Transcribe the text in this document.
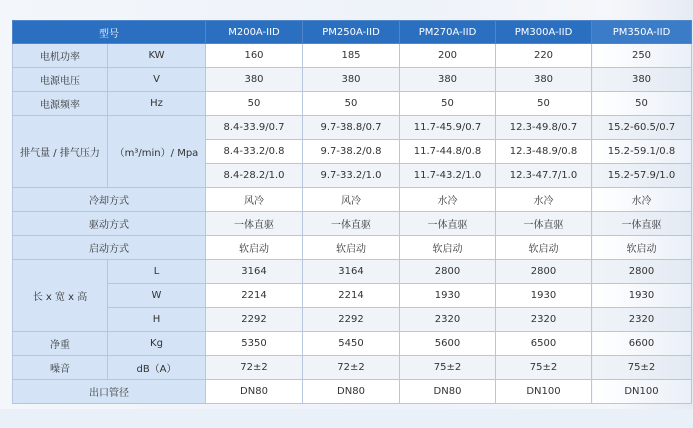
型号		M200A-IID	PM250A-IID	PM270A-IID	PM300A-IID	PM350A-IID
电机功率	KW	160	185	200	220	250
电源电压	V	380	380	380	380	380
电源频率	Hz	50	50	50	50	50
排气量 / 排气压力	（m³/min）/ Mpa	8.4-33.9/0.7	9.7-38.8/0.7	11.7-45.9/0.7	12.3-49.8/0.7	15.2-60.5/0.7
		8.4-33.2/0.8	9.7-38.2/0.8	11.7-44.8/0.8	12.3-48.9/0.8	15.2-59.1/0.8
		8.4-28.2/1.0	9.7-33.2/1.0	11.7-43.2/1.0	12.3-47.7/1.0	15.2-57.9/1.0
冷却方式		风冷	风冷	水冷	水冷	水冷
驱动方式		一体直驱	一体直驱	一体直驱	一体直驱	一体直驱
启动方式		软启动	软启动	软启动	软启动	软启动
长 x 宽 x 高	L	3164	3164	2800	2800	2800
	W	2214	2214	1930	1930	1930
	H	2292	2292	2320	2320	2320
净重	Kg	5350	5450	5600	6500	6600
噪音	dB（A）	72±2	72±2	75±2	75±2	75±2
出口管径		DN80	DN80	DN80	DN100	DN100
